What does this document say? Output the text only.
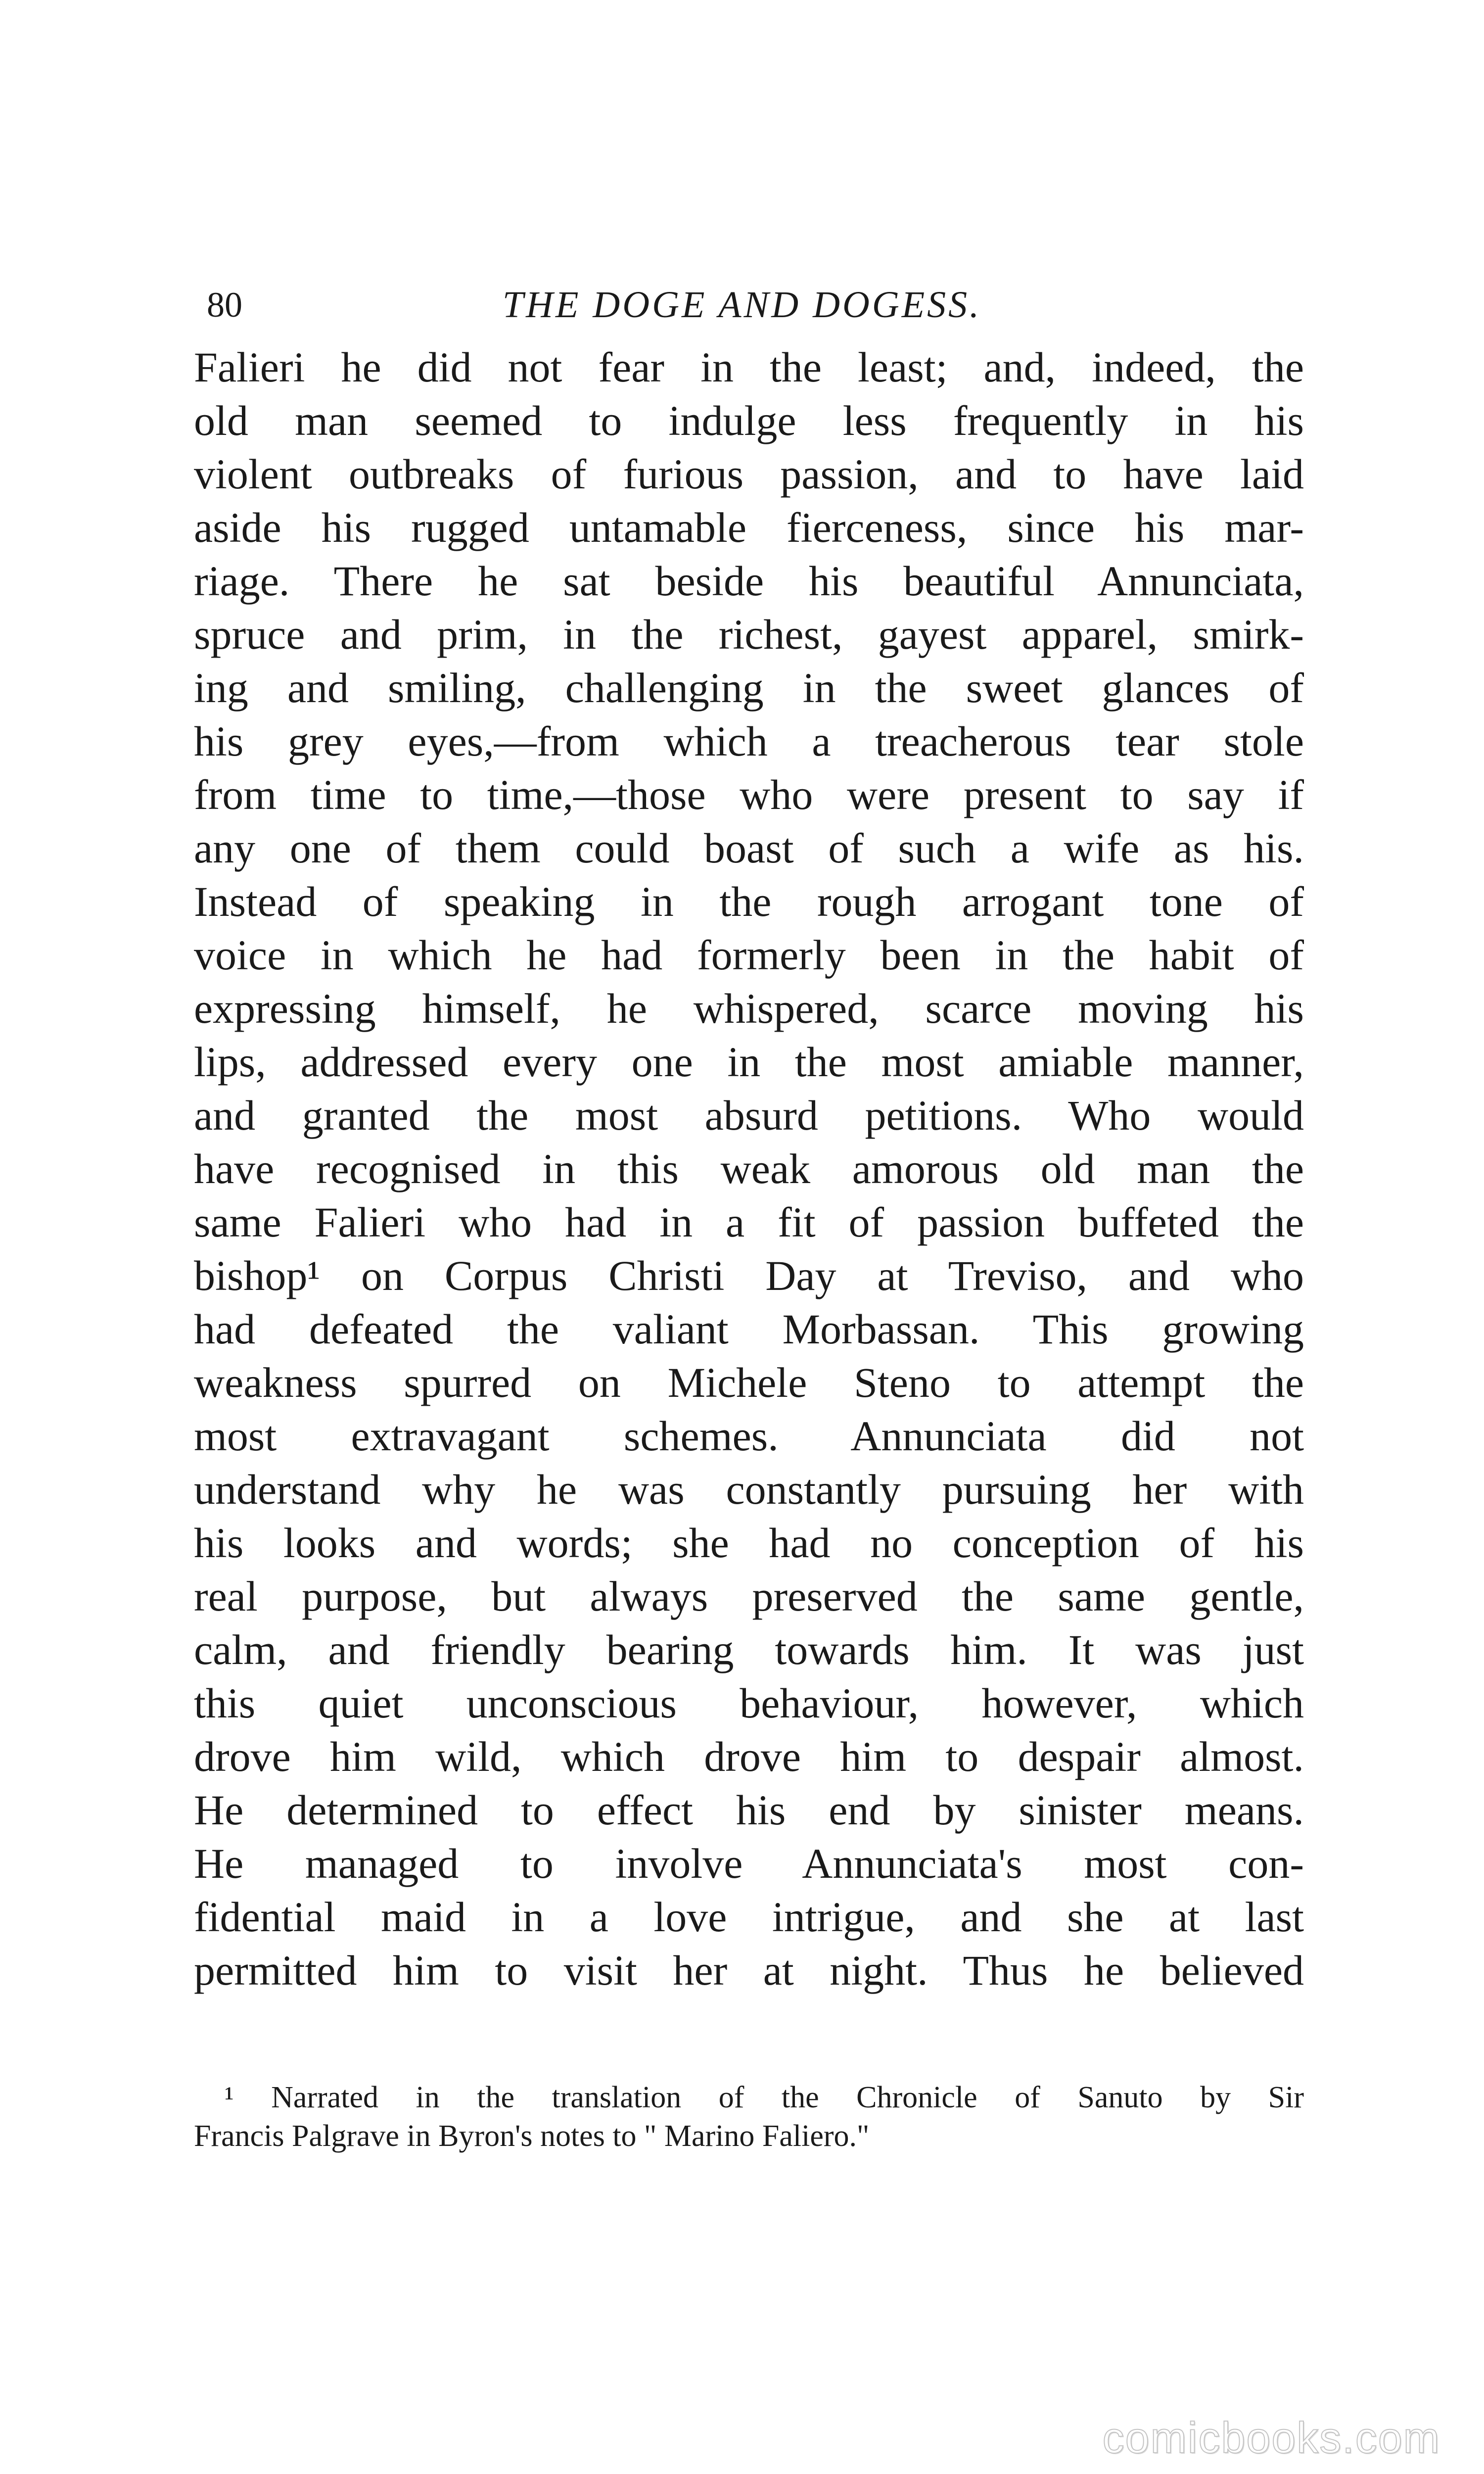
80	THE DOGE AND DOGESS.
Falieri he did not fear in the least; and, indeed, the
old man seemed to indulge less frequently in his
violent outbreaks of furious passion, and to have laid
aside his rugged untamable fierceness, since his mar-
riage. There he sat beside his beautiful Annunciata,
spruce and prim, in the richest, gayest apparel, smirk-
ing and smiling, challenging in the sweet glances of
his grey eyes,—from which a treacherous tear stole
from time to time,—those who were present to say if
any one of them could boast of such a wife as his.
Instead of speaking in the rough arrogant tone of
voice in which he had formerly been in the habit of
expressing himself, he whispered, scarce moving his
lips, addressed every one in the most amiable manner,
and granted the most absurd petitions. Who would
have recognised in this weak amorous old man the
same Falieri who had in a fit of passion buffeted the
bishop¹ on Corpus Christi Day at Treviso, and who
had defeated the valiant Morbassan. This growing
weakness spurred on Michele Steno to attempt the
most extravagant schemes. Annunciata did not
understand why he was constantly pursuing her with
his looks and words; she had no conception of his
real purpose, but always preserved the same gentle,
calm, and friendly bearing towards him. It was just
this quiet unconscious behaviour, however, which
drove him wild, which drove him to despair almost.
He determined to effect his end by sinister means.
He managed to involve Annunciata's most con-
fidential maid in a love intrigue, and she at last
permitted him to visit her at night. Thus he believed
¹ Narrated in the translation of the Chronicle of Sanuto by Sir
Francis Palgrave in Byron's notes to " Marino Faliero."
comicbooks.com
